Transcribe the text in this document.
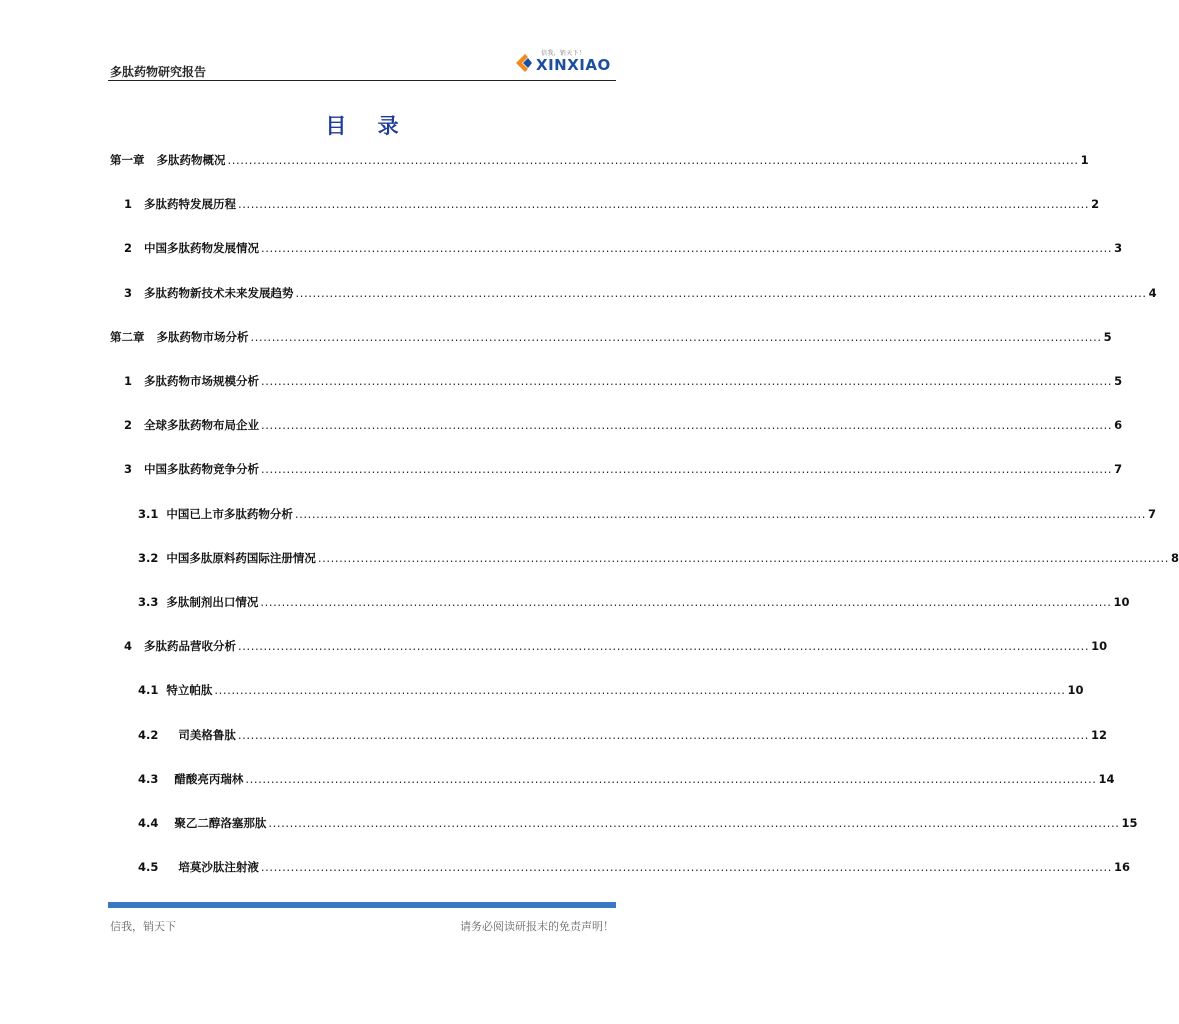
多肽药物研究报告
信我，销天下！
XINXIAO
目 录
第一章 多肽药物概况 ........................................................................................................................................................................................................ 1
1 多肽药特发展历程 ........................................................................................................................................................................................................ 2
2 中国多肽药物发展情况 ........................................................................................................................................................................................................ 3
3 多肽药物新技术未来发展趋势 ........................................................................................................................................................................................................ 4
第二章 多肽药物市场分析 ........................................................................................................................................................................................................ 5
1 多肽药物市场规模分析 ........................................................................................................................................................................................................ 5
2 全球多肽药物布局企业 ........................................................................................................................................................................................................ 6
3 中国多肽药物竞争分析 ........................................................................................................................................................................................................ 7
3.1 中国已上市多肽药物分析 ........................................................................................................................................................................................................ 7
3.2 中国多肽原料药国际注册情况 ........................................................................................................................................................................................................ 8
3.3 多肽制剂出口情况 ........................................................................................................................................................................................................ 10
4 多肽药品营收分析 ........................................................................................................................................................................................................ 10
4.1 特立帕肽 ........................................................................................................................................................................................................ 10
4.2 司美格鲁肽 ........................................................................................................................................................................................................ 12
4.3 醋酸亮丙瑞林 ........................................................................................................................................................................................................ 14
4.4 聚乙二醇洛塞那肽 ........................................................................................................................................................................................................ 15
4.5 培莫沙肽注射液 ........................................................................................................................................................................................................ 16
信我，销天下	请务必阅读研报末的免责声明！
